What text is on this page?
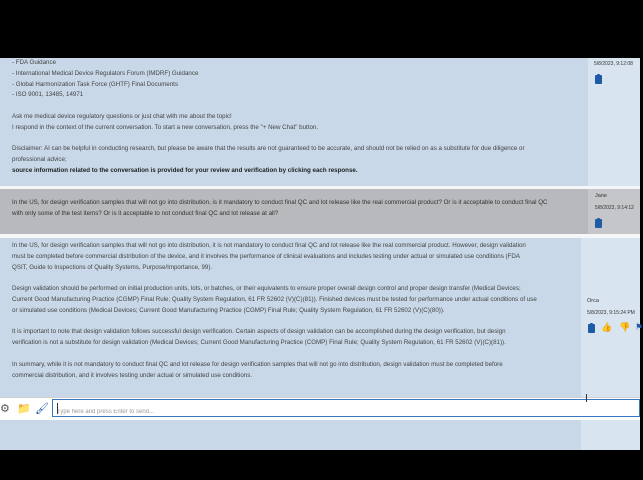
- FDA Guidance

- International Medical Device Regulators Forum (IMDRF) Guidance

- Global Harmonization Task Force (GHTF) Final Documents

- ISO 9001, 13485, 14971

Ask me medical device regulatory questions or just chat with me about the topic!

I respond in the context of the current conversation. To start a new conversation, press the "+ New Chat" button.

Disclaimer: AI can be helpful in conducting research, but please be aware that the results are not guaranteed to be accurate, and should not be relied on as a substitute for due diligence or

professional advice;

source information related to the conversation is provided for your review and verification by clicking each response.

5/8/2023, 9:12:08

In the US, for design verification samples that will not go into distribution, is it mandatory to conduct final QC and lot release like the real commercial product? Or is it acceptable to conduct final QC

with only some of the test items? Or is it acceptable to not conduct final QC and lot release at all?

Jane
5/8/2023, 9:14:12

In the US, for design verification samples that will not go into distribution, it is not mandatory to conduct final QC and lot release like the real commercial product. However, design validation

must be completed before commercial distribution of the device, and it involves the performance of clinical evaluations and includes testing under actual or simulated use conditions (FDA

QSIT, Guide to Inspections of Quality Systems, Purpose/Importance, 99).

Design validation should be performed on initial production units, lots, or batches, or their equivalents to ensure proper overall design control and proper design transfer (Medical Devices;

Current Good Manufacturing Practice (CGMP) Final Rule; Quality System Regulation, 61 FR 52602 (V)(C)(81)). Finished devices must be tested for performance under actual conditions of use

or simulated use conditions (Medical Devices; Current Good Manufacturing Practice (CGMP) Final Rule; Quality System Regulation, 61 FR 52602 (V)(C)(80)).

It is important to note that design validation follows successful design verification. Certain aspects of design validation can be accomplished during the design verification, but design

verification is not a substitute for design validation (Medical Devices; Current Good Manufacturing Practice (CGMP) Final Rule; Quality System Regulation, 61 FR 52602 (V)(C)(81)).

In summary, while it is not mandatory to conduct final QC and lot release for design verification samples that will not go into distribution, design validation must be completed before

commercial distribution, and it involves testing under actual or simulated use conditions.

Orca
5/8/2023, 9:15:24 PM
👍 👎 ⚑
⚙ 📁 🖌
Type here and press Enter to send...
